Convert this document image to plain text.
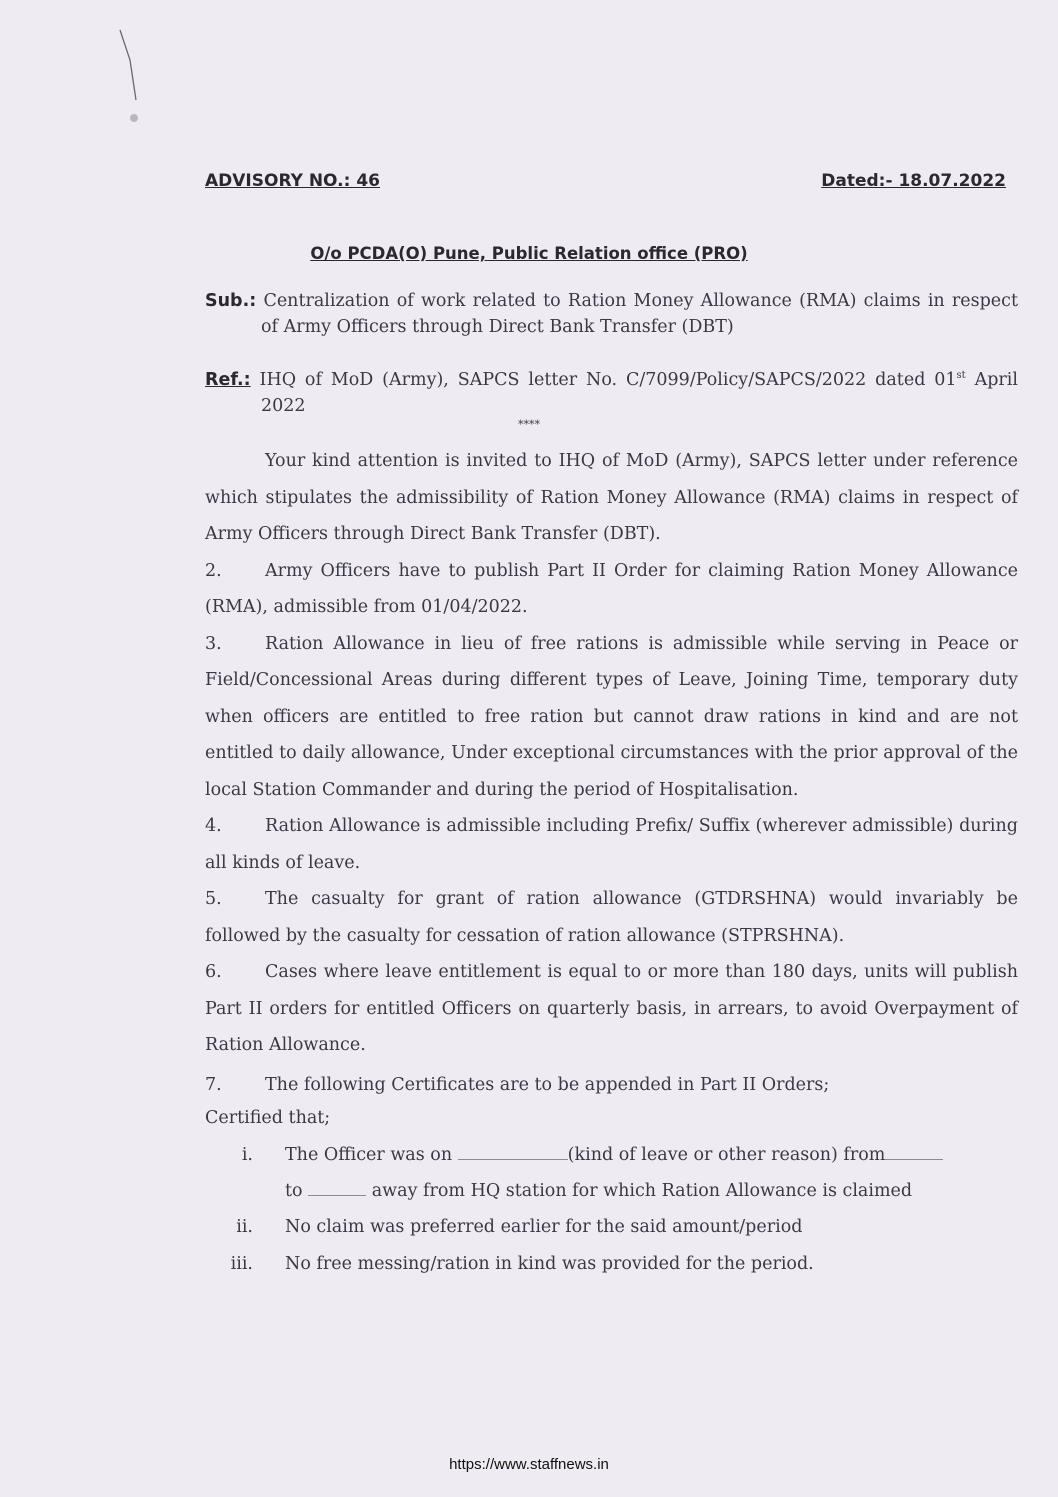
ADVISORY NO.: 46	Dated:- 18.07.2022
O/o PCDA(O) Pune, Public Relation office (PRO)
Sub.: Centralization of work related to Ration Money Allowance (RMA) claims in respect of Army Officers through Direct Bank Transfer (DBT)
Ref.: IHQ of MoD (Army), SAPCS letter No. C/7099/Policy/SAPCS/2022 dated 01st April 2022
****

Your kind attention is invited to IHQ of MoD (Army), SAPCS letter under reference which stipulates the admissibility of Ration Money Allowance (RMA) claims in respect of Army Officers through Direct Bank Transfer (DBT).

2. Army Officers have to publish Part II Order for claiming Ration Money Allowance (RMA), admissible from 01/04/2022.

3. Ration Allowance in lieu of free rations is admissible while serving in Peace or Field/Concessional Areas during different types of Leave, Joining Time, temporary duty when officers are entitled to free ration but cannot draw rations in kind and are not entitled to daily allowance, Under exceptional circumstances with the prior approval of the local Station Commander and during the period of Hospitalisation.

4. Ration Allowance is admissible including Prefix/ Suffix (wherever admissible) during all kinds of leave.

5. The casualty for grant of ration allowance (GTDRSHNA) would invariably be followed by the casualty for cessation of ration allowance (STPRSHNA).

6. Cases where leave entitlement is equal to or more than 180 days, units will publish Part II orders for entitled Officers on quarterly basis, in arrears, to avoid Overpayment of Ration Allowance.

7. The following Certificates are to be appended in Part II Orders;

Certified that;

i. The Officer was on	(kind of leave or other reason) from
to	away from HQ station for which Ration Allowance is claimed

ii. No claim was preferred earlier for the said amount/period

iii. No free messing/ration in kind was provided for the period.

https://www.staffnews.in
